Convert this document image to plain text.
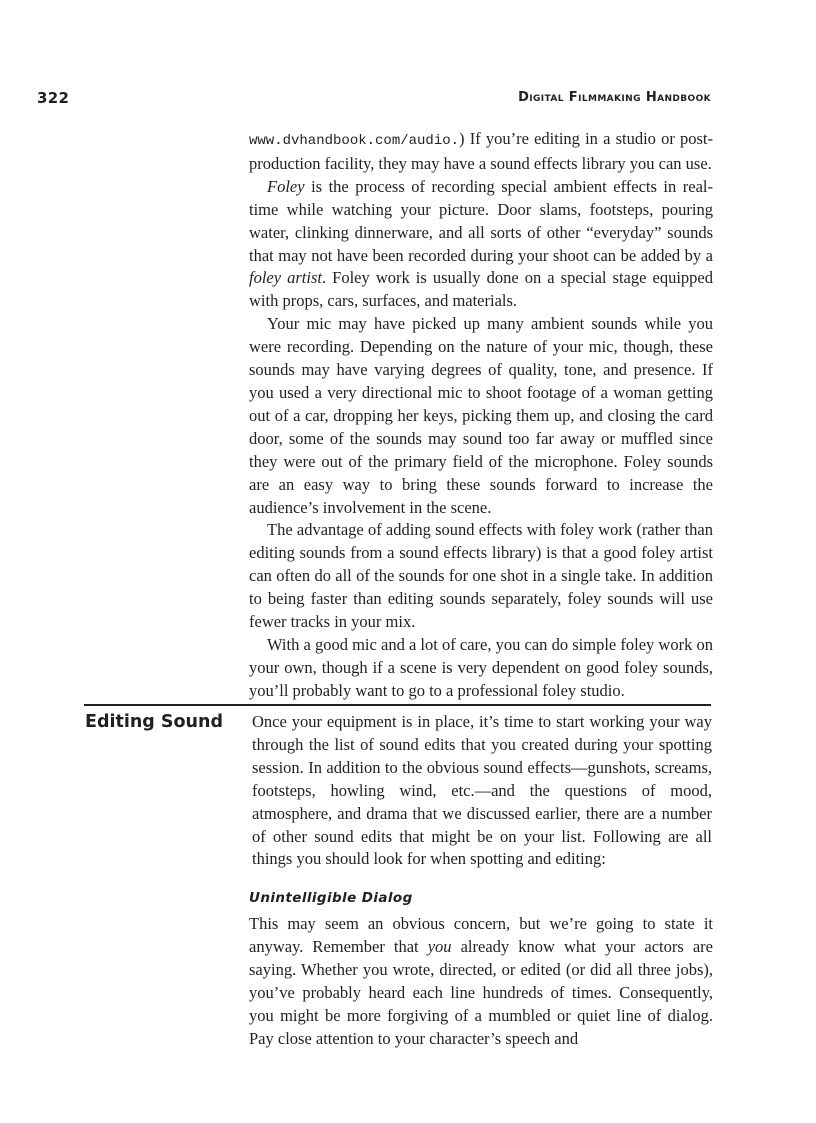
322	Digital Filmmaking Handbook

www.dvhandbook.com/audio.) If you’re editing in a studio or post-production facility, they may have a sound effects library you can use.

Foley is the process of recording special ambient effects in real-time while watching your picture. Door slams, footsteps, pouring water, clinking dinnerware, and all sorts of other “everyday” sounds that may not have been recorded during your shoot can be added by a foley artist. Foley work is usually done on a special stage equipped with props, cars, surfaces, and materials.

Your mic may have picked up many ambient sounds while you were recording. Depending on the nature of your mic, though, these sounds may have varying degrees of quality, tone, and presence. If you used a very directional mic to shoot footage of a woman getting out of a car, dropping her keys, picking them up, and closing the card door, some of the sounds may sound too far away or muffled since they were out of the primary field of the microphone. Foley sounds are an easy way to bring these sounds forward to increase the audience’s involvement in the scene.

The advantage of adding sound effects with foley work (rather than editing sounds from a sound effects library) is that a good foley artist can often do all of the sounds for one shot in a single take. In addition to being faster than editing sounds separately, foley sounds will use fewer tracks in your mix.

With a good mic and a lot of care, you can do simple foley work on your own, though if a scene is very dependent on good foley sounds, you’ll probably want to go to a professional foley studio.

Editing Sound Once your equipment is in place, it’s time to start working your way through the list of sound edits that you created during your spotting session. In addition to the obvious sound effects—gunshots, screams, footsteps, howling wind, etc.—and the questions of mood, atmosphere, and drama that we discussed earlier, there are a number of other sound edits that might be on your list. Following are all things you should look for when spotting and editing:

Unintelligible Dialog

This may seem an obvious concern, but we’re going to state it anyway. Remember that you already know what your actors are saying. Whether you wrote, directed, or edited (or did all three jobs), you’ve probably heard each line hundreds of times. Consequently, you might be more forgiving of a mumbled or quiet line of dialog. Pay close attention to your character’s speech and
